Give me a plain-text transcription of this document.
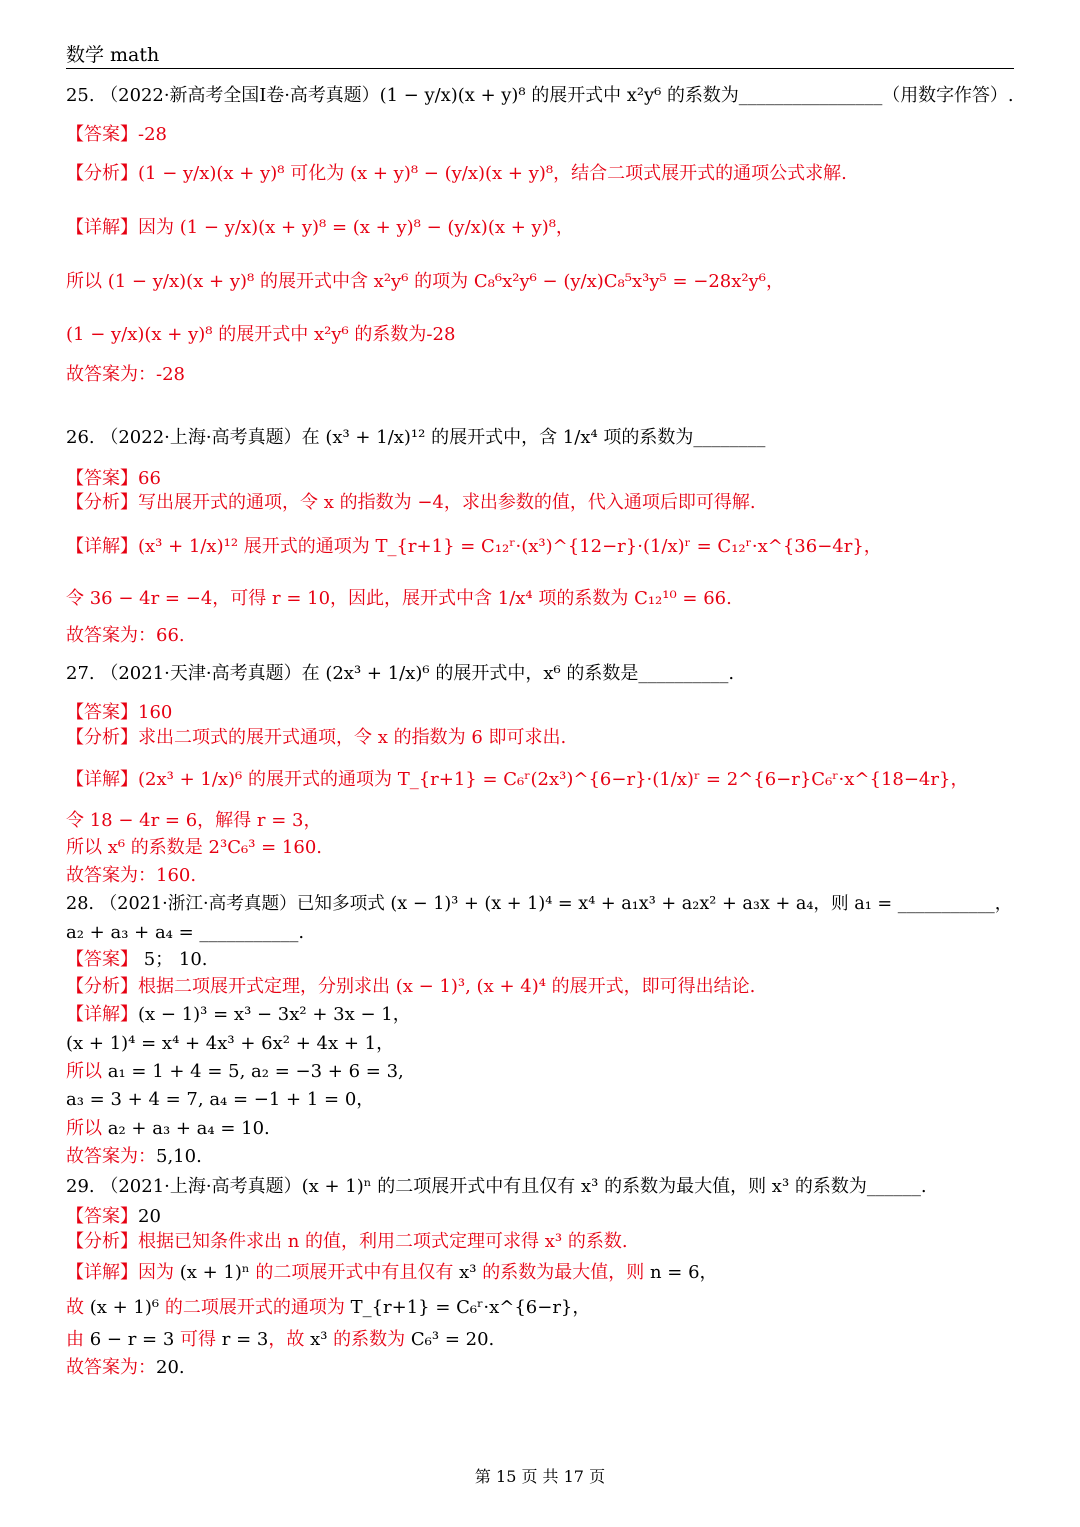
数学 math
25. （2022·新高考全国Ⅰ卷·高考真题）(1 − y/x)(x + y)⁸ 的展开式中 x²y⁶ 的系数为________________（用数字作答）.
【答案】-28
【分析】(1 − y/x)(x + y)⁸ 可化为 (x + y)⁸ − (y/x)(x + y)⁸，结合二项式展开式的通项公式求解.
【详解】因为 (1 − y/x)(x + y)⁸ = (x + y)⁸ − (y/x)(x + y)⁸，
所以 (1 − y/x)(x + y)⁸ 的展开式中含 x²y⁶ 的项为 C₈⁶x²y⁶ − (y/x)C₈⁵x³y⁵ = −28x²y⁶，
(1 − y/x)(x + y)⁸ 的展开式中 x²y⁶ 的系数为-28
故答案为：-28
26. （2022·上海·高考真题）在 (x³ + 1/x)¹² 的展开式中，含 1/x⁴ 项的系数为________
【答案】66
【分析】写出展开式的通项，令 x 的指数为 −4，求出参数的值，代入通项后即可得解.
【详解】(x³ + 1/x)¹² 展开式的通项为 T_{r+1} = C₁₂ʳ·(x³)^{12−r}·(1/x)ʳ = C₁₂ʳ·x^{36−4r}，
令 36 − 4r = −4，可得 r = 10，因此，展开式中含 1/x⁴ 项的系数为 C₁₂¹⁰ = 66.
故答案为：66.
27. （2021·天津·高考真题）在 (2x³ + 1/x)⁶ 的展开式中，x⁶ 的系数是__________.
【答案】160
【分析】求出二项式的展开式通项，令 x 的指数为 6 即可求出.
【详解】(2x³ + 1/x)⁶ 的展开式的通项为 T_{r+1} = C₆ʳ(2x³)^{6−r}·(1/x)ʳ = 2^{6−r}C₆ʳ·x^{18−4r}，
令 18 − 4r = 6，解得 r = 3，
所以 x⁶ 的系数是 2³C₆³ = 160.
故答案为：160.
28. （2021·浙江·高考真题）已知多项式 (x − 1)³ + (x + 1)⁴ = x⁴ + a₁x³ + a₂x² + a₃x + a₄，则 a₁ = ___________，
a₂ + a₃ + a₄ = ___________.
【答案】 5； 10.
【分析】根据二项展开式定理，分别求出 (x − 1)³, (x + 4)⁴ 的展开式，即可得出结论.
【详解】(x − 1)³ = x³ − 3x² + 3x − 1，
(x + 1)⁴ = x⁴ + 4x³ + 6x² + 4x + 1，
所以 a₁ = 1 + 4 = 5, a₂ = −3 + 6 = 3,
a₃ = 3 + 4 = 7, a₄ = −1 + 1 = 0，
所以 a₂ + a₃ + a₄ = 10.
故答案为：5,10.
29. （2021·上海·高考真题）(x + 1)ⁿ 的二项展开式中有且仅有 x³ 的系数为最大值，则 x³ 的系数为______.
【答案】20
【分析】根据已知条件求出 n 的值，利用二项式定理可求得 x³ 的系数.
【详解】因为 (x + 1)ⁿ 的二项展开式中有且仅有 x³ 的系数为最大值，则 n = 6，
故 (x + 1)⁶ 的二项展开式的通项为 T_{r+1} = C₆ʳ·x^{6−r}，
由 6 − r = 3 可得 r = 3，故 x³ 的系数为 C₆³ = 20.
故答案为：20.
第 15 页 共 17 页
